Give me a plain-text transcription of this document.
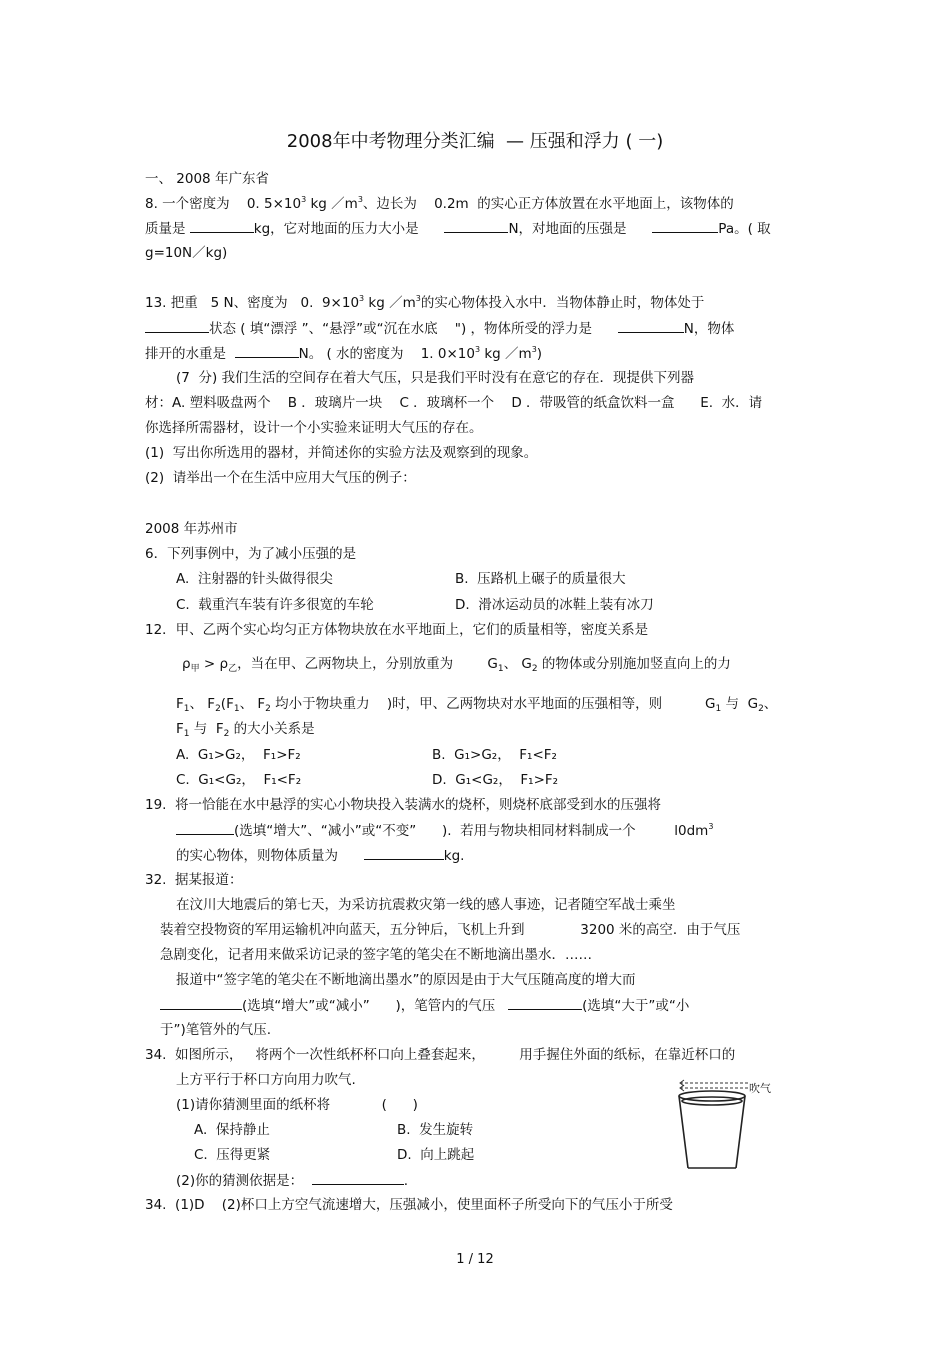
2008年中考物理分类汇编  — 压强和浮力 ( 一)
一、 2008 年广东省
8. 一个密度为    0. $5\times 10^3$ kg $/m^3$、边长为    0.2m  的实心正方体放置在水平地面上，该物体的
质量是	kg，它对地面的压力大小是	N，对地面的压强是	Pa。( 取
g=10N／kg)
13. 把重   5 N、密度为   0.  $9\times 10^3$ kg $/m^3$的实心物体投入水中．当物体静止时，物体处于
状态 ( 填“漂浮 ”、“悬浮”或“沉在水底    ") ，物体所受的浮力是	N，物体
排开的水重是	N。 ( 水的密度为    1. $0\times 10^3$ kg $/m^3$)
(7  分) 我们生活的空间存在着大气压，只是我们平时没有在意它的存在．现提供下列器
材：A. 塑料吸盘两个    B ．玻璃片一块    C ．玻璃杯一个    D ．带吸管的纸盒饮料一盒      E.  水．请
你选择所需器材，设计一个小实验来证明大气压的存在。
(1)  写出你所选用的器材，并简述你的实验方法及观察到的现象。
(2)  请举出一个在生活中应用大气压的例子：
2008 年苏州市
6．下列事例中，为了减小压强的是
A.  注射器的针头做得很尖	B.  压路机上碾子的质量很大
C.  载重汽车装有许多很宽的车轮	D.  滑冰运动员的冰鞋上装有冰刀
12．甲、乙两个实心均匀正方体物块放在水平地面上，它们的质量相等，密度关系是
$\rho_甲 > \rho_乙$，当在甲、乙两物块上，分别放重为        $G_1$、 $G_2$ 的物体或分别施加竖直向上的力
$F_1$、 $F_2(F_1$、 $F_2$ 均小于物块重力    )时，甲、乙两物块对水平地面的压强相等，则          $G_1$ 与  $G_2$、
$F_1$ 与  $F_2$ 的大小关系是
A.  G₁>G₂，  F₁>F₂	B.  G₁>G₂，  F₁<F₂
C.  G₁<G₂，  F₁<F₂	D.  G₁<G₂，  F₁>F₂
19.  将一恰能在水中悬浮的实心小物块投入装满水的烧杯，则烧杯底部受到水的压强将
(选填“增大”、“减小”或“不变”      ).  若用与物块相同材料制成一个         $l0dm^3$
的实心物体，则物体质量为	kg.
32.  据某报道：
在汶川大地震后的第七天，为采访抗震救灾第一线的感人事迹，记者随空军战士乘坐
装着空投物资的军用运输机冲向蓝天，五分钟后，飞机上升到             3200 米的高空．由于气压
急剧变化，记者用来做采访记录的签字笔的笔尖在不断地滴出墨水．……
报道中“签字笔的笔尖在不断地滴出墨水”的原因是由于大气压随高度的增大而
(选填“增大”或“减小”      )，笔管内的气压	(选填“大于”或“小
于”)笔管外的气压.
34.  如图所示，   将两个一次性纸杯杯口向上叠套起来，        用手握住外面的纸标，在靠近杯口的
上方平行于杯口方向用力吹气.
(1)请你猜测里面的纸杯将            (      )
A.  保持静止	B.  发生旋转
C.  压得更紧	D.  向上跳起
(2)你的猜测依据是：	.
吹气
34.  (1)D    (2)杯口上方空气流速增大，压强减小，使里面杯子所受向下的气压小于所受
1 / 12
